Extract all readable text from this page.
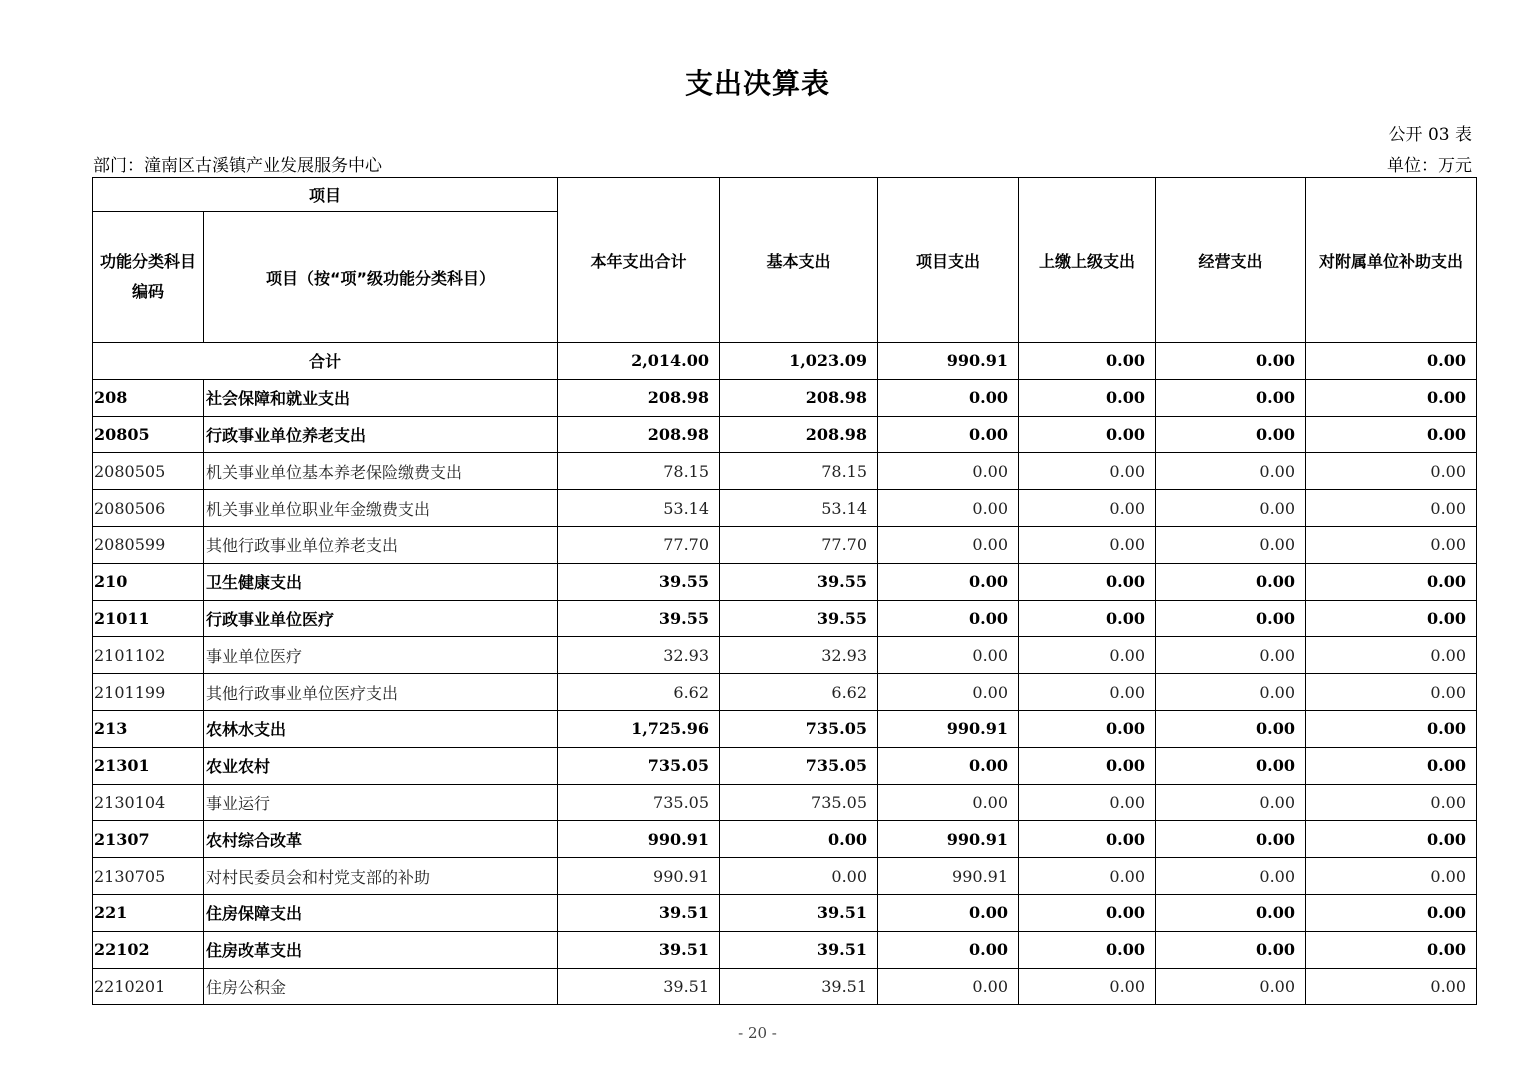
支出决算表
公开 03 表
部门：潼南区古溪镇产业发展服务中心	单位：万元
项目		本年支出合计	基本支出	项目支出	上缴上级支出	经营支出	对附属单位补助支出
功能分类科目编码	项目（按“项”级功能分类科目）						
合计		2,014.00	1,023.09	990.91	0.00	0.00	0.00
208	社会保障和就业支出	208.98	208.98	0.00	0.00	0.00	0.00
20805	行政事业单位养老支出	208.98	208.98	0.00	0.00	0.00	0.00
2080505	机关事业单位基本养老保险缴费支出	78.15	78.15	0.00	0.00	0.00	0.00
2080506	机关事业单位职业年金缴费支出	53.14	53.14	0.00	0.00	0.00	0.00
2080599	其他行政事业单位养老支出	77.70	77.70	0.00	0.00	0.00	0.00
210	卫生健康支出	39.55	39.55	0.00	0.00	0.00	0.00
21011	行政事业单位医疗	39.55	39.55	0.00	0.00	0.00	0.00
2101102	事业单位医疗	32.93	32.93	0.00	0.00	0.00	0.00
2101199	其他行政事业单位医疗支出	6.62	6.62	0.00	0.00	0.00	0.00
213	农林水支出	1,725.96	735.05	990.91	0.00	0.00	0.00
21301	农业农村	735.05	735.05	0.00	0.00	0.00	0.00
2130104	事业运行	735.05	735.05	0.00	0.00	0.00	0.00
21307	农村综合改革	990.91	0.00	990.91	0.00	0.00	0.00
2130705	对村民委员会和村党支部的补助	990.91	0.00	990.91	0.00	0.00	0.00
221	住房保障支出	39.51	39.51	0.00	0.00	0.00	0.00
22102	住房改革支出	39.51	39.51	0.00	0.00	0.00	0.00
2210201	住房公积金	39.51	39.51	0.00	0.00	0.00	0.00
- 20 -
